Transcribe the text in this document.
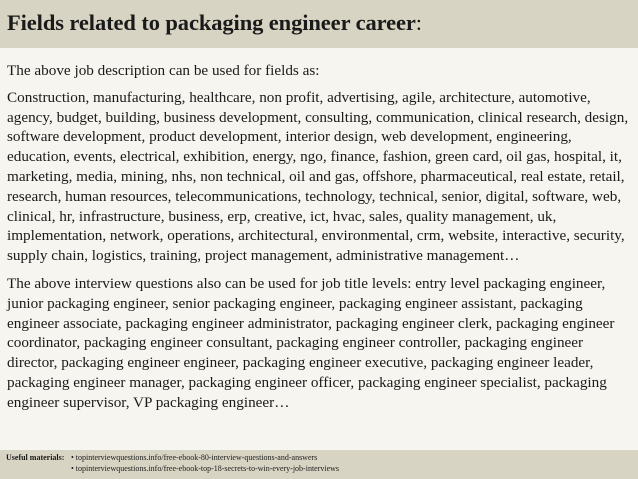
Fields related to packaging engineer career:

The above job description can be used for fields as:

Construction, manufacturing, healthcare, non profit, advertising, agile, architecture, automotive, agency, budget, building, business development, consulting, communication, clinical research, design, software development, product development, interior design, web development, engineering, education, events, electrical, exhibition, energy, ngo, finance, fashion, green card, oil gas, hospital, it, marketing, media, mining, nhs, non technical, oil and gas, offshore, pharmaceutical, real estate, retail, research, human resources, telecommunications, technology, technical, senior, digital, software, web, clinical, hr, infrastructure, business, erp, creative, ict, hvac, sales, quality management, uk, implementation, network, operations, architectural, environmental, crm, website, interactive, security, supply chain, logistics, training, project management, administrative management…

The above interview questions also can be used for job title levels: entry level packaging engineer, junior packaging engineer, senior packaging engineer, packaging engineer assistant, packaging engineer associate, packaging engineer administrator, packaging engineer clerk, packaging engineer coordinator, packaging engineer consultant, packaging engineer controller, packaging engineer director, packaging engineer engineer, packaging engineer executive, packaging engineer leader, packaging engineer manager, packaging engineer officer, packaging engineer specialist, packaging engineer supervisor, VP packaging engineer…

Useful materials: • topinterviewquestions.info/free-ebook-80-interview-questions-and-answers
• topinterviewquestions.info/free-ebook-top-18-secrets-to-win-every-job-interviews
